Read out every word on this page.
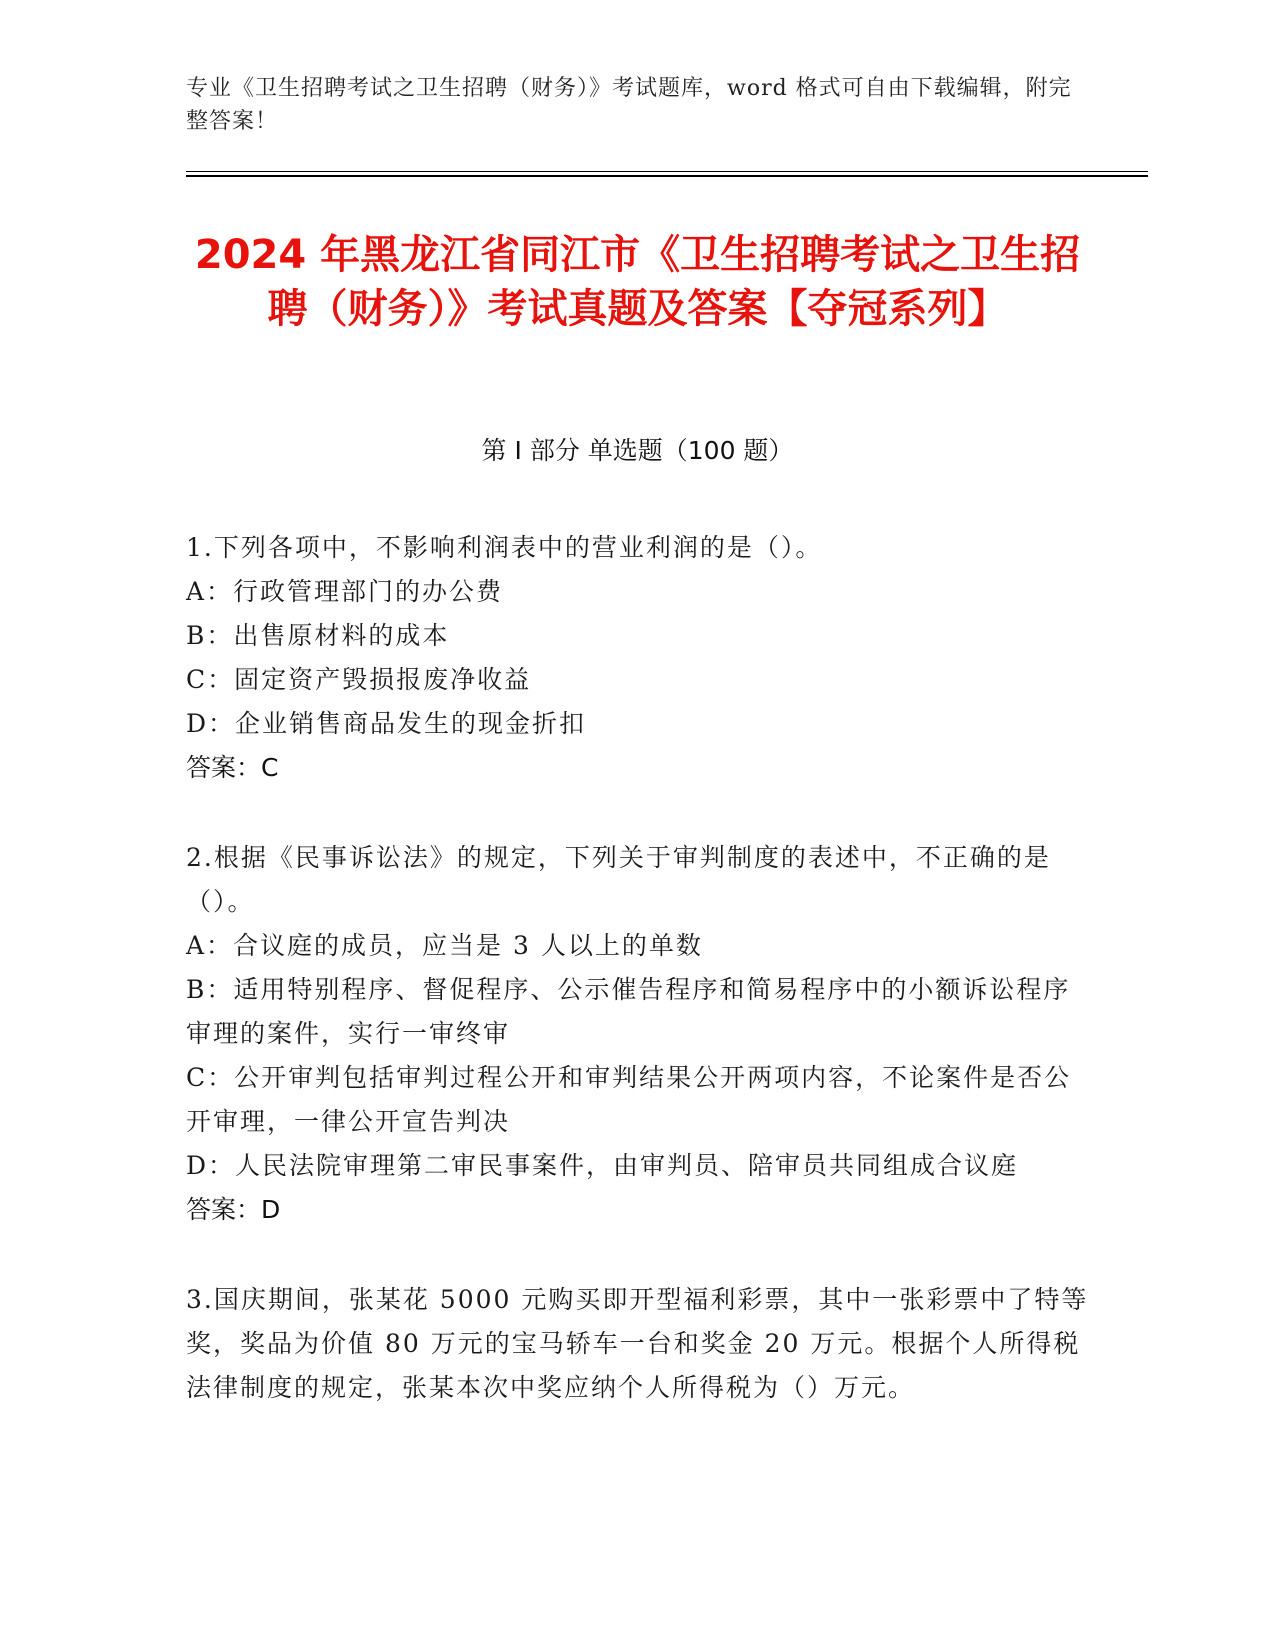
专业《卫生招聘考试之卫生招聘（财务）》考试题库，word 格式可自由下载编辑，附完整答案！
2024 年黑龙江省同江市《卫生招聘考试之卫生招聘（财务）》考试真题及答案【夺冠系列】
第 I 部分 单选题（100 题）

1.下列各项中，不影响利润表中的营业利润的是（）。

A：行政管理部门的办公费

B：出售原材料的成本

C：固定资产毁损报废净收益

D：企业销售商品发生的现金折扣

答案：C

2.根据《民事诉讼法》的规定，下列关于审判制度的表述中，不正确的是（）。

A：合议庭的成员，应当是 3 人以上的单数

B：适用特别程序、督促程序、公示催告程序和简易程序中的小额诉讼程序审理的案件，实行一审终审

C：公开审判包括审判过程公开和审判结果公开两项内容，不论案件是否公开审理，一律公开宣告判决

D：人民法院审理第二审民事案件，由审判员、陪审员共同组成合议庭

答案：D

3.国庆期间，张某花 5000 元购买即开型福利彩票，其中一张彩票中了特等奖，奖品为价值 80 万元的宝马轿车一台和奖金 20 万元。根据个人所得税法律制度的规定，张某本次中奖应纳个人所得税为（）万元。
